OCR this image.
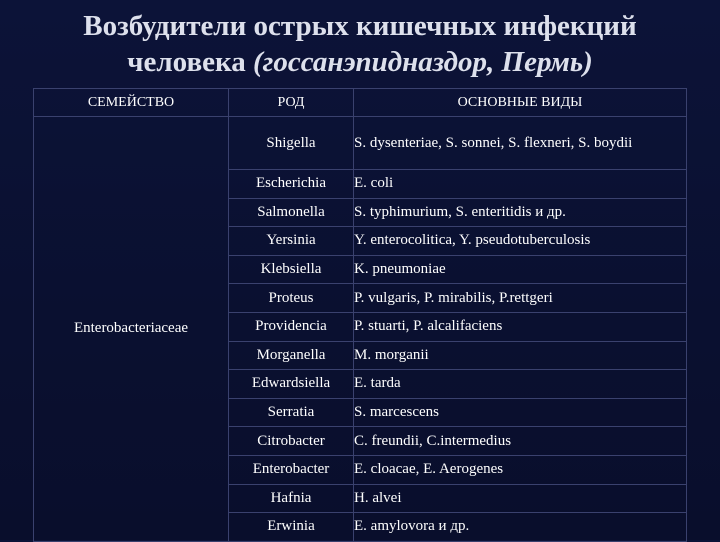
Возбудители острых кишечных инфекций
человека (госсанэпидназдор, Пермь)
СЕМЕЙСТВО	РОД	ОСНОВНЫЕ ВИДЫ
Enterobacteriaceae	Shigella	S. dysenteriae, S. sonnei, S. flexneri, S. boydii
	Escherichia	E. coli
	Salmonella	S. typhimurium, S. enteritidis и др.
	Yersinia	Y. enterocolitica, Y. pseudotuberculosis
	Klebsiella	K. pneumoniae
	Proteus	P. vulgaris, P. mirabilis, P.rettgeri
	Providencia	P. stuarti, P. alcalifaciens
	Morganella	M. morganii
	Edwardsiella	E. tarda
	Serratia	S. marcescens
	Citrobacter	C. freundii, C.intermedius
	Enterobacter	E. cloacae, E. Aerogenes
	Hafnia	H. alvei
	Erwinia	E. amylovora и др.
